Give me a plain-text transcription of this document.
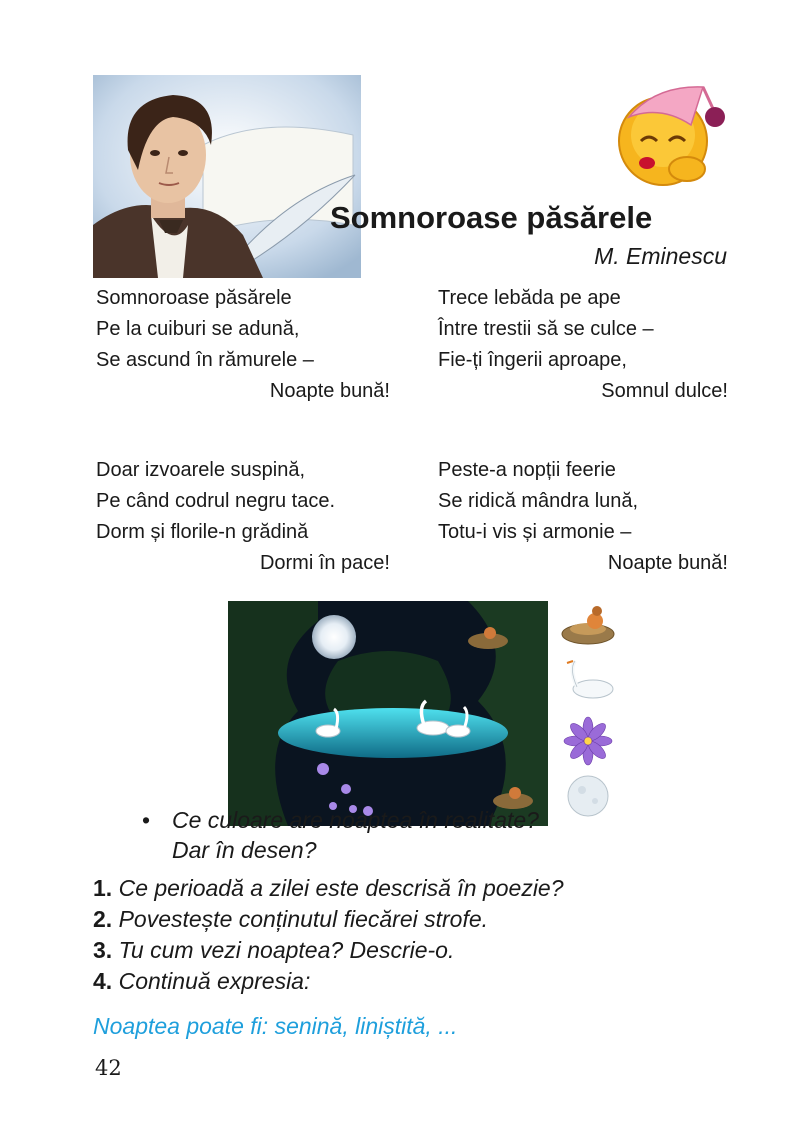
Somnoroase păsărele
M. Eminescu
Somnoroase păsărele
Pe la cuiburi se adună,
Se ascund în rămurele –
Noapte bună!
Trece lebăda pe ape
Între trestii să se culce –
Fie-ți îngerii aproape,
Somnul dulce!
Doar izvoarele suspină,
Pe când codrul negru tace.
Dorm și florile-n grădină
Dormi în pace!
Peste-a nopții feerie
Se ridică mândra lună,
Totu-i vis și armonie –
Noapte bună!
• Ce culoare are noaptea în realitate?
Dar în desen?
1. Ce perioadă a zilei este descrisă în poezie?
2. Povestește conținutul fiecărei strofe.
3. Tu cum vezi noaptea? Descrie-o.
4. Continuă expresia:
Noaptea poate fi: senină, liniștită, ...
42
